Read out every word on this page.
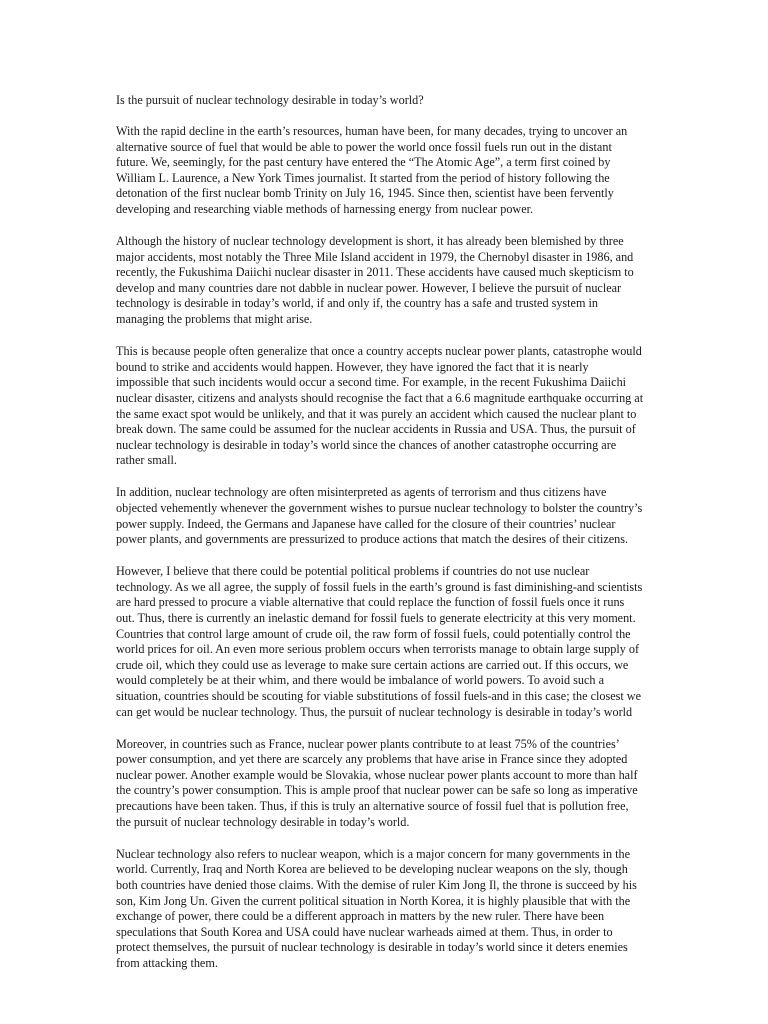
Is the pursuit of nuclear technology desirable in today’s world?

With the rapid decline in the earth’s resources, human have been, for many decades, trying to uncover an alternative source of fuel that would be able to power the world once fossil fuels run out in the distant future. We, seemingly, for the past century have entered the “The Atomic Age”, a term first coined by William L. Laurence, a New York Times journalist. It started from the period of history following the detonation of the first nuclear bomb Trinity on July 16, 1945. Since then, scientist have been fervently developing and researching viable methods of harnessing energy from nuclear power.

Although the history of nuclear technology development is short, it has already been blemished by three major accidents, most notably the Three Mile Island accident in 1979, the Chernobyl disaster in 1986, and recently, the Fukushima Daiichi nuclear disaster in 2011. These accidents have caused much skepticism to develop and many countries dare not dabble in nuclear power. However, I believe the pursuit of nuclear technology is desirable in today’s world, if and only if, the country has a safe and trusted system in managing the problems that might arise.

This is because people often generalize that once a country accepts nuclear power plants, catastrophe would bound to strike and accidents would happen. However, they have ignored the fact that it is nearly impossible that such incidents would occur a second time. For example, in the recent Fukushima Daiichi nuclear disaster, citizens and analysts should recognise the fact that a 6.6 magnitude earthquake occurring at the same exact spot would be unlikely, and that it was purely an accident which caused the nuclear plant to break down. The same could be assumed for the nuclear accidents in Russia and USA. Thus, the pursuit of nuclear technology is desirable in today’s world since the chances of another catastrophe occurring are rather small.

In addition, nuclear technology are often misinterpreted as agents of terrorism and thus citizens have objected vehemently whenever the government wishes to pursue nuclear technology to bolster the country’s power supply. Indeed, the Germans and Japanese have called for the closure of their countries’ nuclear power plants, and governments are pressurized to produce actions that match the desires of their citizens.

However, I believe that there could be potential political problems if countries do not use nuclear technology. As we all agree, the supply of fossil fuels in the earth’s ground is fast diminishing-and scientists are hard pressed to procure a viable alternative that could replace the function of fossil fuels once it runs out. Thus, there is currently an inelastic demand for fossil fuels to generate electricity at this very moment. Countries that control large amount of crude oil, the raw form of fossil fuels, could potentially control the world prices for oil. An even more serious problem occurs when terrorists manage to obtain large supply of crude oil, which they could use as leverage to make sure certain actions are carried out. If this occurs, we would completely be at their whim, and there would be imbalance of world powers. To avoid such a situation, countries should be scouting for viable substitutions of fossil fuels-and in this case; the closest we can get would be nuclear technology. Thus, the pursuit of nuclear technology is desirable in today’s world

Moreover, in countries such as France, nuclear power plants contribute to at least 75% of the countries’ power consumption, and yet there are scarcely any problems that have arise in France since they adopted nuclear power. Another example would be Slovakia, whose nuclear power plants account to more than half the country’s power consumption. This is ample proof that nuclear power can be safe so long as imperative precautions have been taken. Thus, if this is truly an alternative source of fossil fuel that is pollution free, the pursuit of nuclear technology desirable in today’s world.

Nuclear technology also refers to nuclear weapon, which is a major concern for many governments in the world. Currently, Iraq and North Korea are believed to be developing nuclear weapons on the sly, though both countries have denied those claims. With the demise of ruler Kim Jong Il, the throne is succeed by his son, Kim Jong Un. Given the current political situation in North Korea, it is highly plausible that with the exchange of power, there could be a different approach in matters by the new ruler. There have been speculations that South Korea and USA could have nuclear warheads aimed at them. Thus, in order to protect themselves, the pursuit of nuclear technology is desirable in today’s world since it deters enemies from attacking them.
